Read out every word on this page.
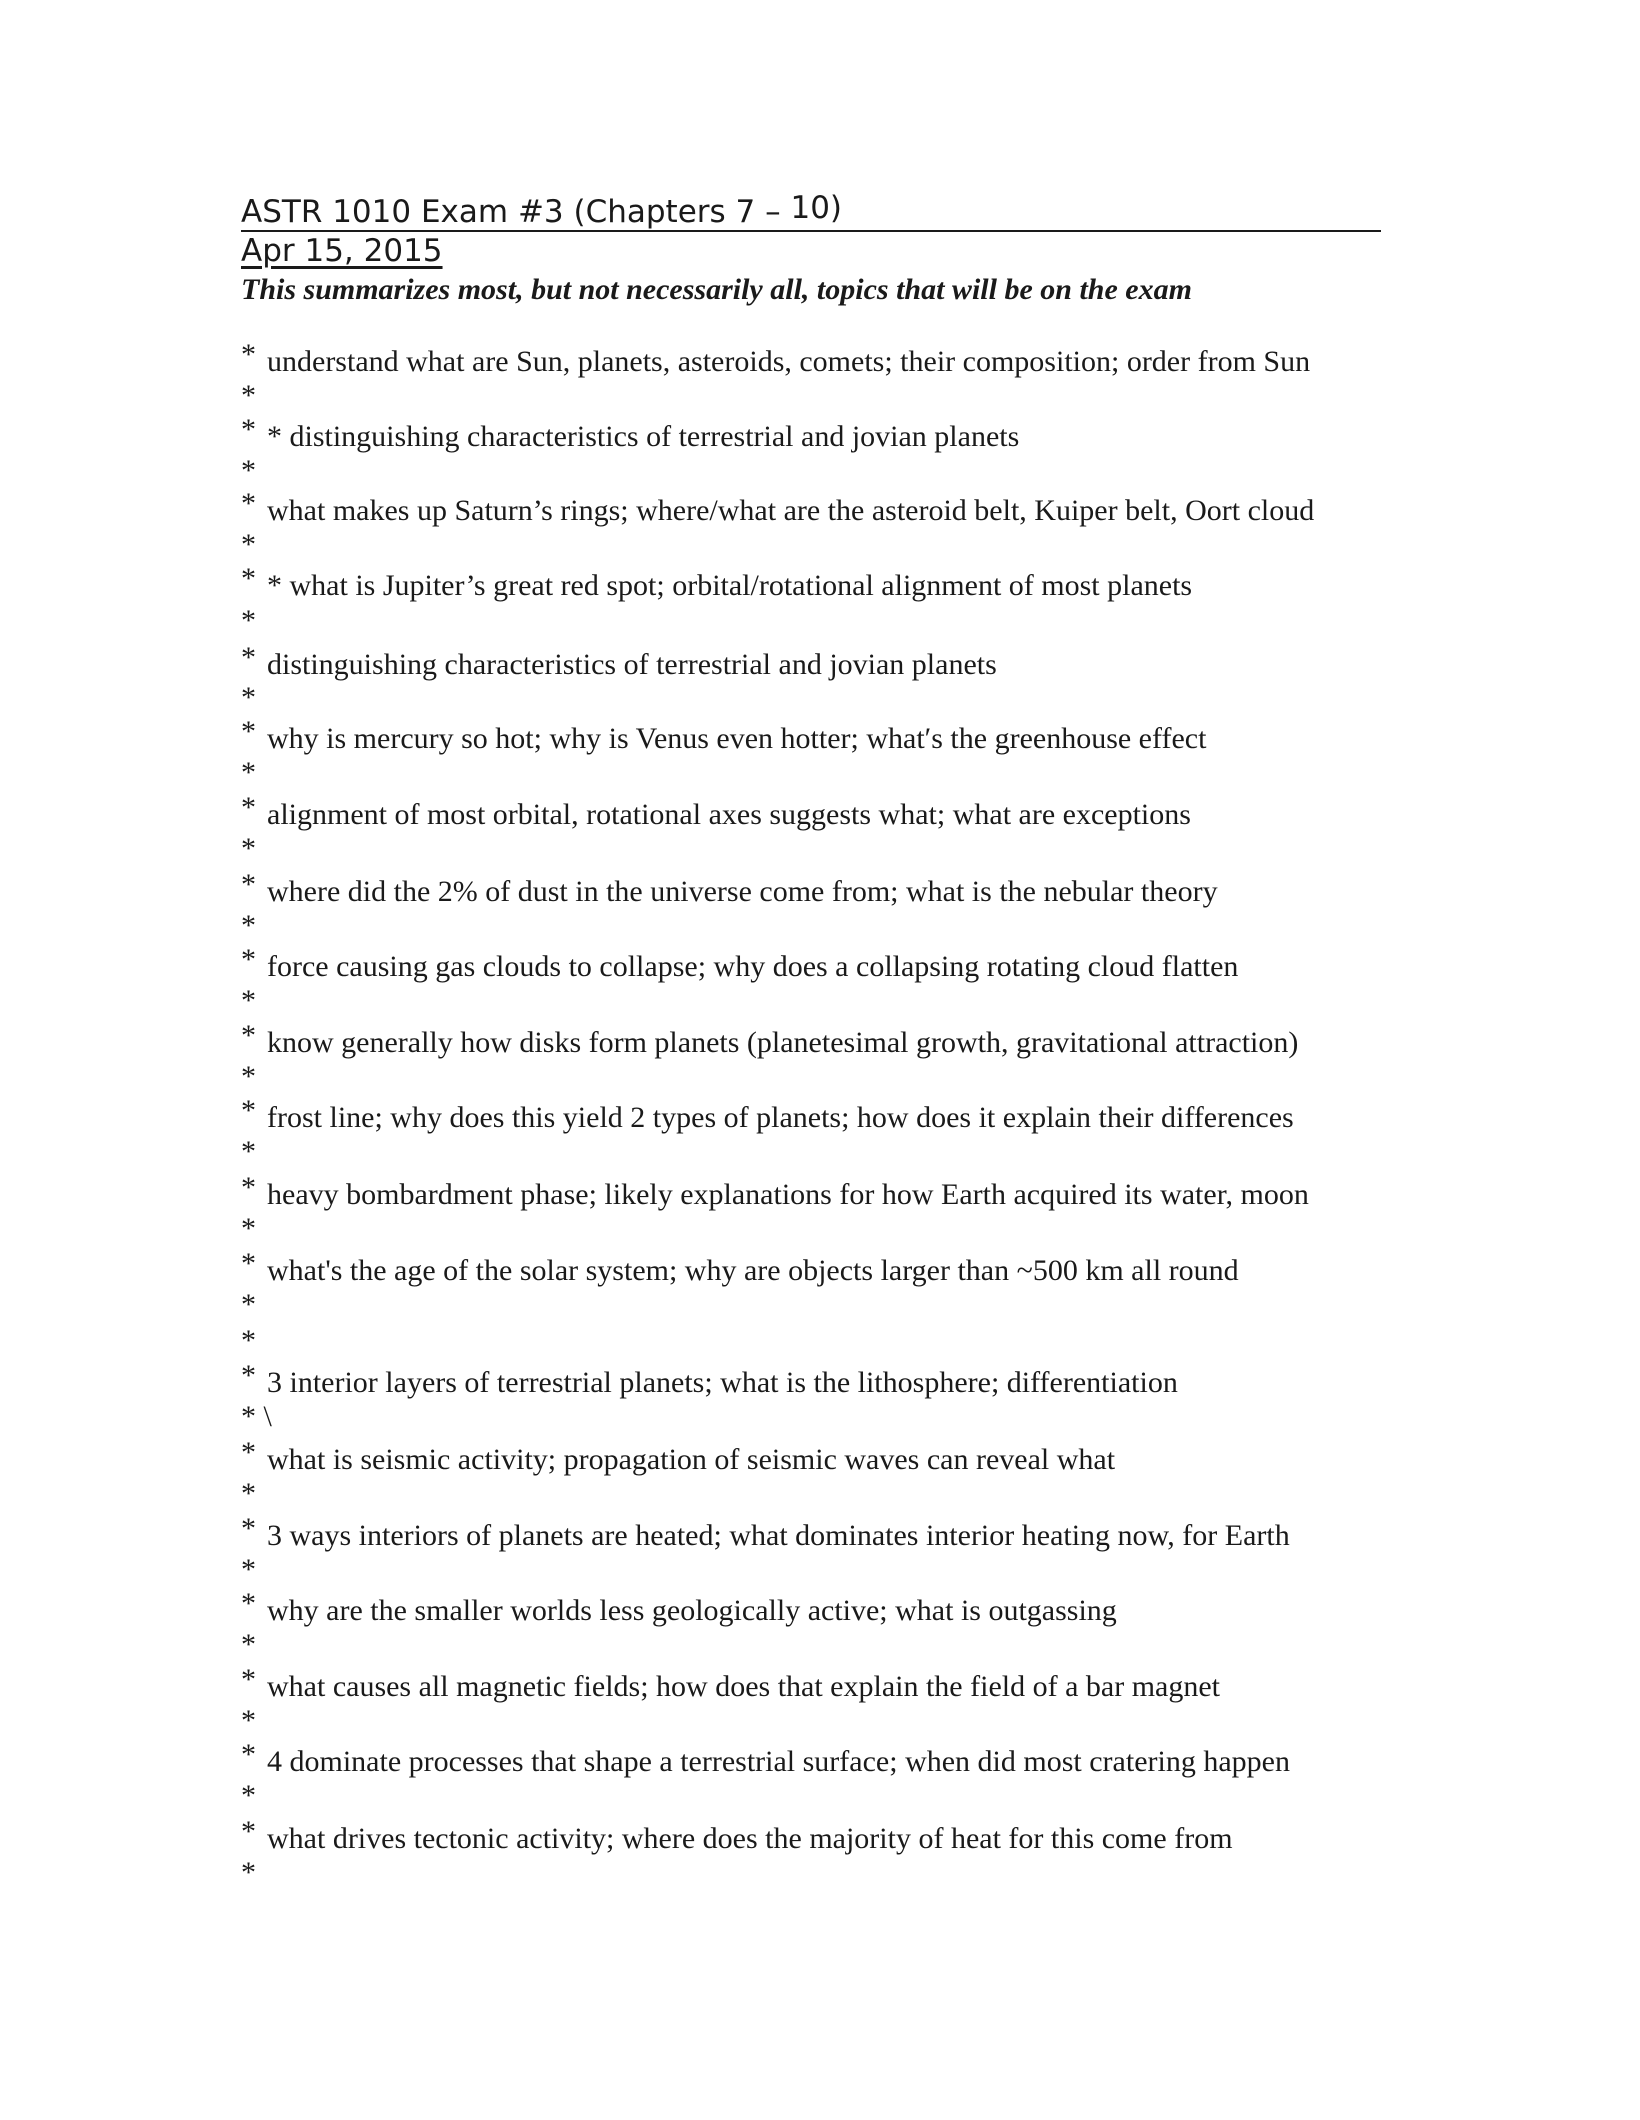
ASTR 1010 Exam #3 (Chapters 7 – 10)
Apr 15, 2015
This summarizes most, but not necessarily all, topics that will be on the exam
* understand what are Sun, planets, asteroids, comets; their composition; order from Sun
*
* * distinguishing characteristics of terrestrial and jovian planets
*
* what makes up Saturn’s rings; where/what are the asteroid belt, Kuiper belt, Oort cloud
*
* * what is Jupiter’s great red spot; orbital/rotational alignment of most planets
*
* distinguishing characteristics of terrestrial and jovian planets
*
* why is mercury so hot; why is Venus even hotter; whatʹs the greenhouse effect
*
* alignment of most orbital, rotational axes suggests what; what are exceptions
*
* where did the 2% of dust in the universe come from; what is the nebular theory
*
* force causing gas clouds to collapse; why does a collapsing rotating cloud flatten
*
* know generally how disks form planets (planetesimal growth, gravitational attraction)
*
* frost line; why does this yield 2 types of planets; how does it explain their differences
*
* heavy bombardment phase; likely explanations for how Earth acquired its water, moon
*
* what's the age of the solar system; why are objects larger than ~500 km all round
*
*
* 3 interior layers of terrestrial planets; what is the lithosphere; differentiation
* \
* what is seismic activity; propagation of seismic waves can reveal what
*
* 3 ways interiors of planets are heated; what dominates interior heating now, for Earth
*
* why are the smaller worlds less geologically active; what is outgassing
*
* what causes all magnetic fields; how does that explain the field of a bar magnet
*
* 4 dominate processes that shape a terrestrial surface; when did most cratering happen
*
* what drives tectonic activity; where does the majority of heat for this come from
*
